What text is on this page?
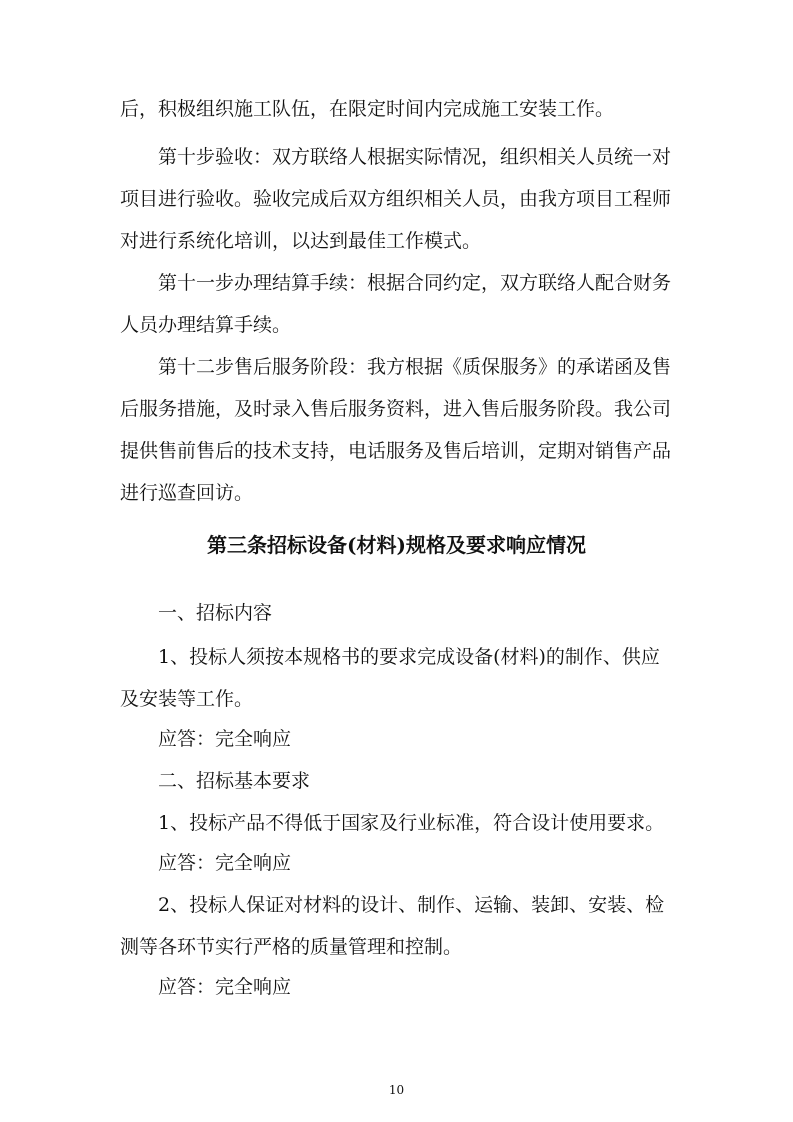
后，积极组织施工队伍，在限定时间内完成施工安装工作。

第十步验收：双方联络人根据实际情况，组织相关人员统一对项目进行验收。验收完成后双方组织相关人员，由我方项目工程师对进行系统化培训，以达到最佳工作模式。

第十一步办理结算手续：根据合同约定，双方联络人配合财务人员办理结算手续。

第十二步售后服务阶段：我方根据《质保服务》的承诺函及售后服务措施，及时录入售后服务资料，进入售后服务阶段。我公司提供售前售后的技术支持，电话服务及售后培训，定期对销售产品进行巡查回访。

第三条招标设备(材料)规格及要求响应情况

一、招标内容

1、投标人须按本规格书的要求完成设备(材料)的制作、供应及安装等工作。

应答：完全响应

二、招标基本要求

1、投标产品不得低于国家及行业标准，符合设计使用要求。

应答：完全响应

2、投标人保证对材料的设计、制作、运输、装卸、安装、检测等各环节实行严格的质量管理和控制。

应答：完全响应

10
